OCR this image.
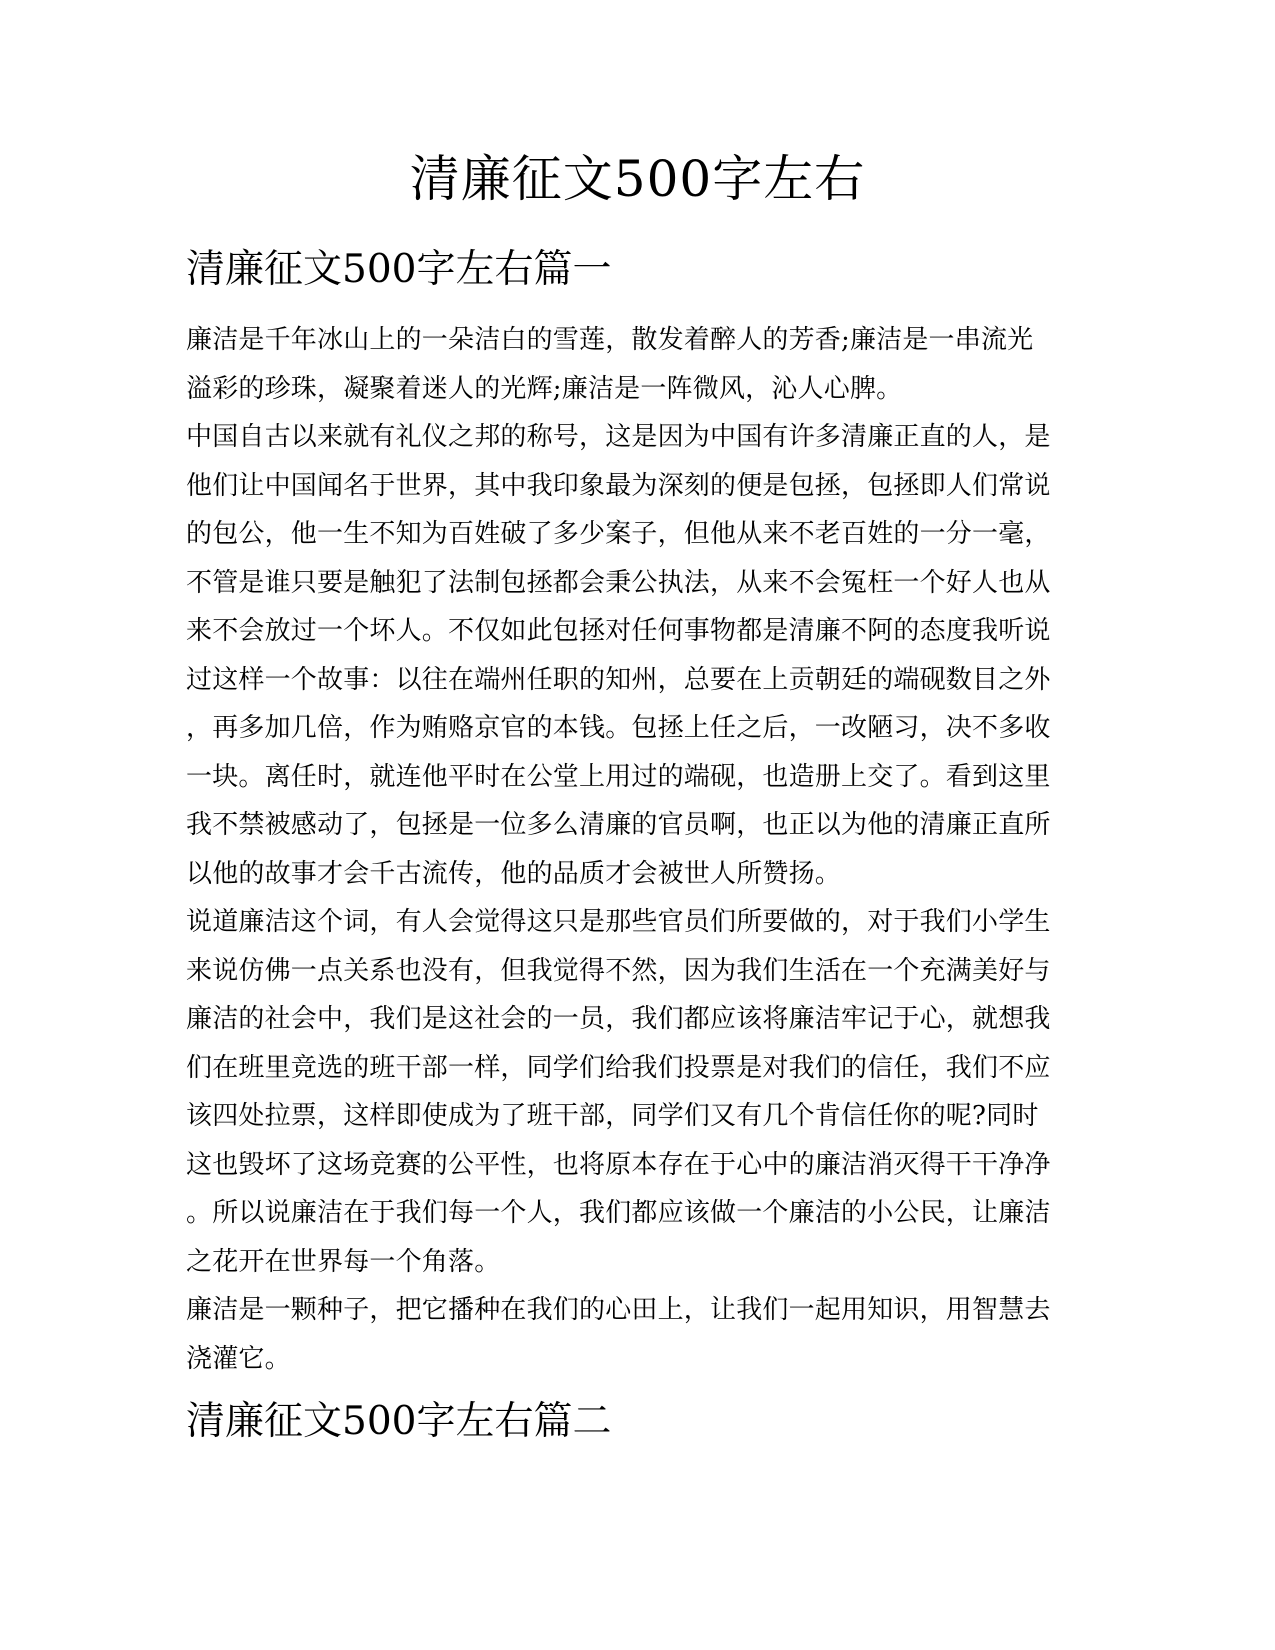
清廉征文500字左右
清廉征文500字左右篇一
廉洁是千年冰山上的一朵洁白的雪莲，散发着醉人的芳香;廉洁是一串流光
溢彩的珍珠，凝聚着迷人的光辉;廉洁是一阵微风，沁人心脾。
中国自古以来就有礼仪之邦的称号，这是因为中国有许多清廉正直的人，是
他们让中国闻名于世界，其中我印象最为深刻的便是包拯，包拯即人们常说
的包公，他一生不知为百姓破了多少案子，但他从来不老百姓的一分一毫，
不管是谁只要是触犯了法制包拯都会秉公执法，从来不会冤枉一个好人也从
来不会放过一个坏人。不仅如此包拯对任何事物都是清廉不阿的态度我听说
过这样一个故事：以往在端州任职的知州，总要在上贡朝廷的端砚数目之外
，再多加几倍，作为贿赂京官的本钱。包拯上任之后，一改陋习，决不多收
一块。离任时，就连他平时在公堂上用过的端砚，也造册上交了。看到这里
我不禁被感动了，包拯是一位多么清廉的官员啊，也正以为他的清廉正直所
以他的故事才会千古流传，他的品质才会被世人所赞扬。
说道廉洁这个词，有人会觉得这只是那些官员们所要做的，对于我们小学生
来说仿佛一点关系也没有，但我觉得不然，因为我们生活在一个充满美好与
廉洁的社会中，我们是这社会的一员，我们都应该将廉洁牢记于心，就想我
们在班里竞选的班干部一样，同学们给我们投票是对我们的信任，我们不应
该四处拉票，这样即使成为了班干部，同学们又有几个肯信任你的呢?同时
这也毁坏了这场竞赛的公平性，也将原本存在于心中的廉洁消灭得干干净净
。所以说廉洁在于我们每一个人，我们都应该做一个廉洁的小公民，让廉洁
之花开在世界每一个角落。
廉洁是一颗种子，把它播种在我们的心田上，让我们一起用知识，用智慧去
浇灌它。
清廉征文500字左右篇二
